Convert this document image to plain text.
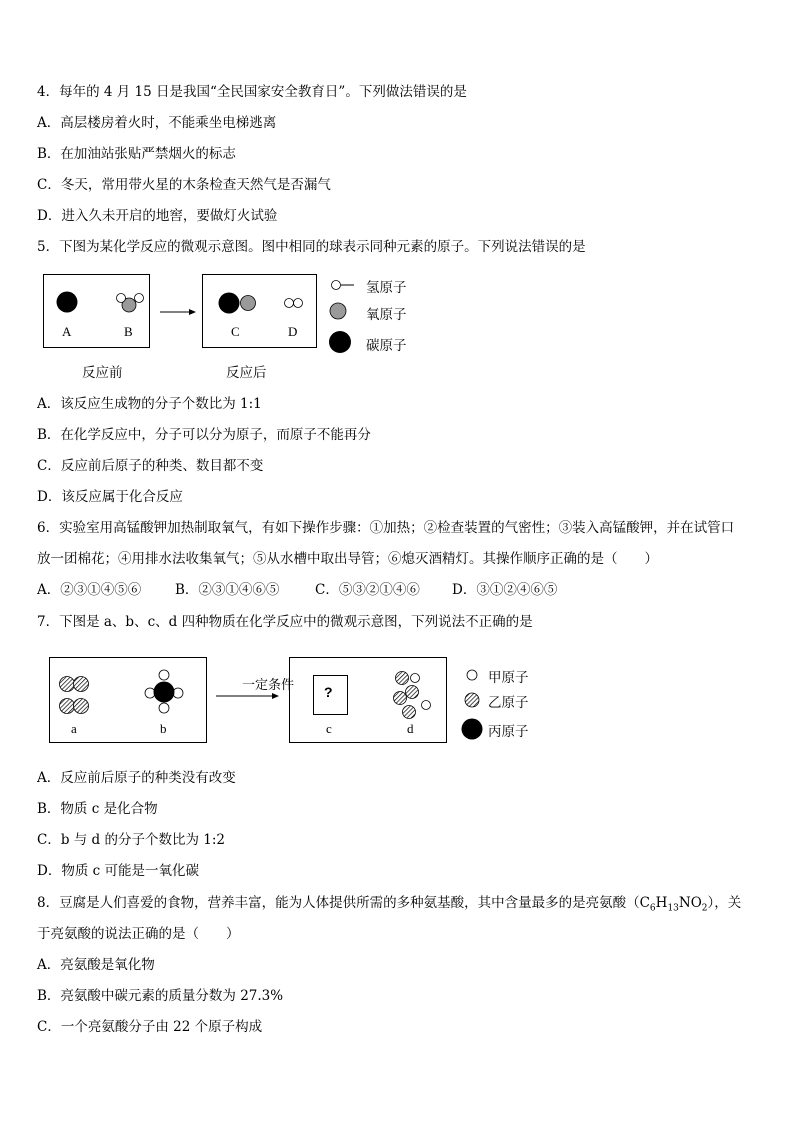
4．每年的 4 月 15 日是我国“全民国家安全教育日”。下列做法错误的是
A．高层楼房着火时，不能乘坐电梯逃离
B．在加油站张贴严禁烟火的标志
C．冬天，常用带火星的木条检查天然气是否漏气
D．进入久未开启的地窖，要做灯火试验
5．下图为某化学反应的微观示意图。图中相同的球表示同种元素的原子。下列说法错误的是
A	B	C	D
反应前	反应后
氢原子
氧原子
碳原子
A．该反应生成物的分子个数比为 1:1
B．在化学反应中，分子可以分为原子，而原子不能再分
C．反应前后原子的种类、数目都不变
D．该反应属于化合反应
6．实验室用高锰酸钾加热制取氧气，有如下操作步骤：①加热；②检查装置的气密性；③装入高锰酸钾，并在试管口
放一团棉花；④用排水法收集氧气；⑤从水槽中取出导管；⑥熄灭酒精灯。其操作顺序正确的是（　　）
A．②③①④⑤⑥	B．②③①④⑥⑤	C．⑤③②①④⑥ D．③①②④⑥⑤
7．下图是 a、b、c、d 四种物质在化学反应中的微观示意图，下列说法不正确的是
一定条件 ?
a	b	c	d
甲原子
乙原子
丙原子
A．反应前后原子的种类没有改变
B．物质 c 是化合物
C．b 与 d 的分子个数比为 1:2
D．物质 c 可能是一氧化碳
8．豆腐是人们喜爱的食物，营养丰富，能为人体提供所需的多种氨基酸，其中含量最多的是亮氨酸$(C_6H_{13}NO_2)$，关
于亮氨酸的说法正确的是（　　）
A．亮氨酸是氧化物
B．亮氨酸中碳元素的质量分数为 27.3%
C．一个亮氨酸分子由 22 个原子构成
